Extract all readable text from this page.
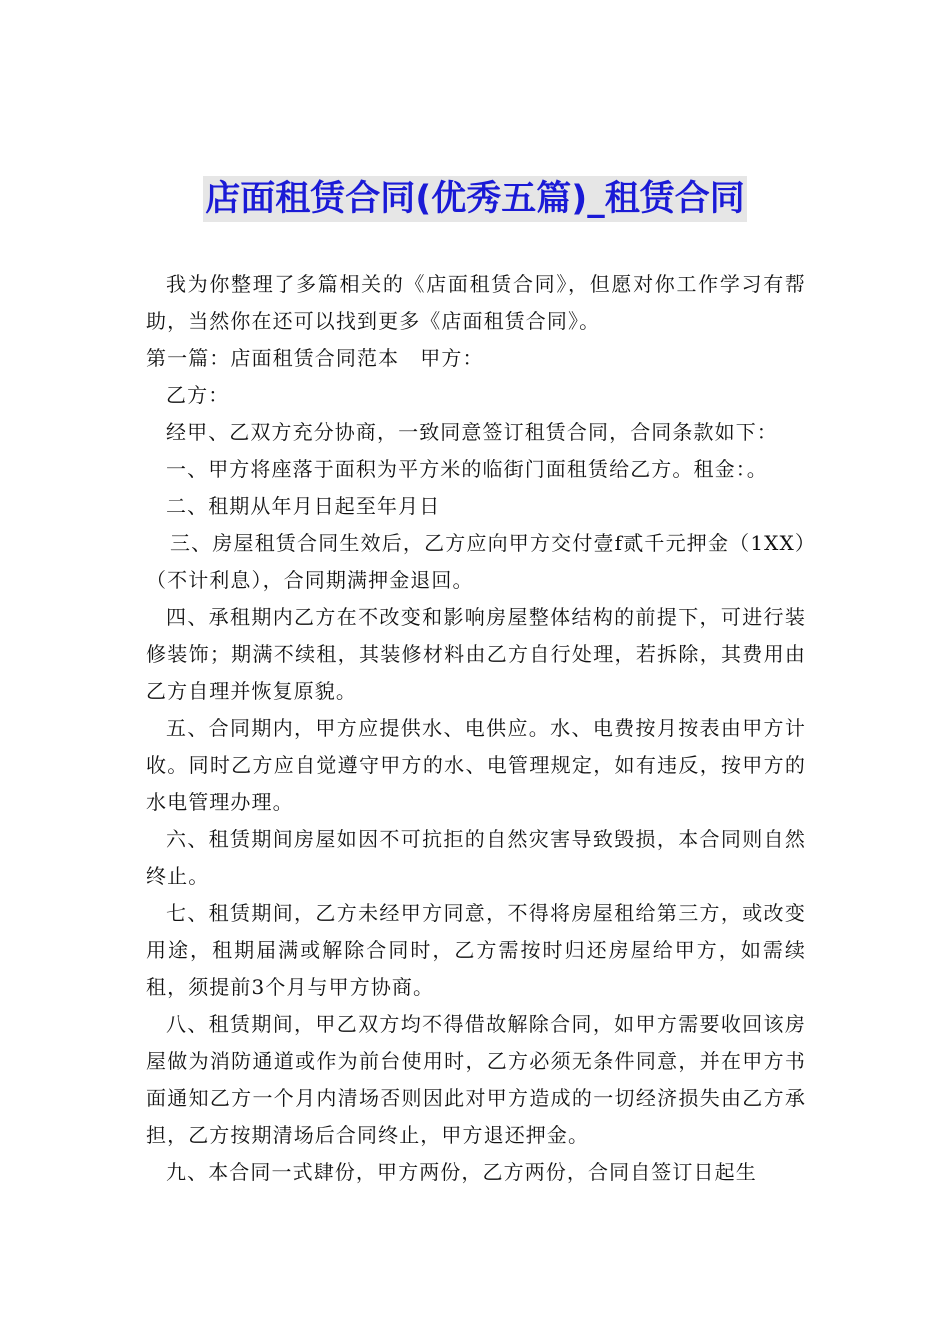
店面租赁合同(优秀五篇)_租赁合同

我为你整理了多篇相关的《店面租赁合同》，但愿对你工作学习有帮助，当然你在还可以找到更多《店面租赁合同》。

第一篇：店面租赁合同范本　甲方：

乙方：

经甲、乙双方充分协商，一致同意签订租赁合同，合同条款如下：

一、甲方将座落于面积为平方米的临街门面租赁给乙方。租金：。

二、租期从年月日起至年月日

三、房屋租赁合同生效后，乙方应向甲方交付壹f贰千元押金（1XX）（不计利息），合同期满押金退回。

四、承租期内乙方在不改变和影响房屋整体结构的前提下，可进行装修装饰；期满不续租，其装修材料由乙方自行处理，若拆除，其费用由乙方自理并恢复原貌。

五、合同期内，甲方应提供水、电供应。水、电费按月按表由甲方计收。同时乙方应自觉遵守甲方的水、电管理规定，如有违反，按甲方的水电管理办理。

六、租赁期间房屋如因不可抗拒的自然灾害导致毁损，本合同则自然终止。

七、租赁期间，乙方未经甲方同意，不得将房屋租给第三方，或改变用途，租期届满或解除合同时，乙方需按时归还房屋给甲方，如需续租，须提前3个月与甲方协商。

八、租赁期间，甲乙双方均不得借故解除合同，如甲方需要收回该房屋做为消防通道或作为前台使用时，乙方必须无条件同意，并在甲方书面通知乙方一个月内清场否则因此对甲方造成的一切经济损失由乙方承担，乙方按期清场后合同终止，甲方退还押金。

九、本合同一式肆份，甲方两份，乙方两份，合同自签订日起生
